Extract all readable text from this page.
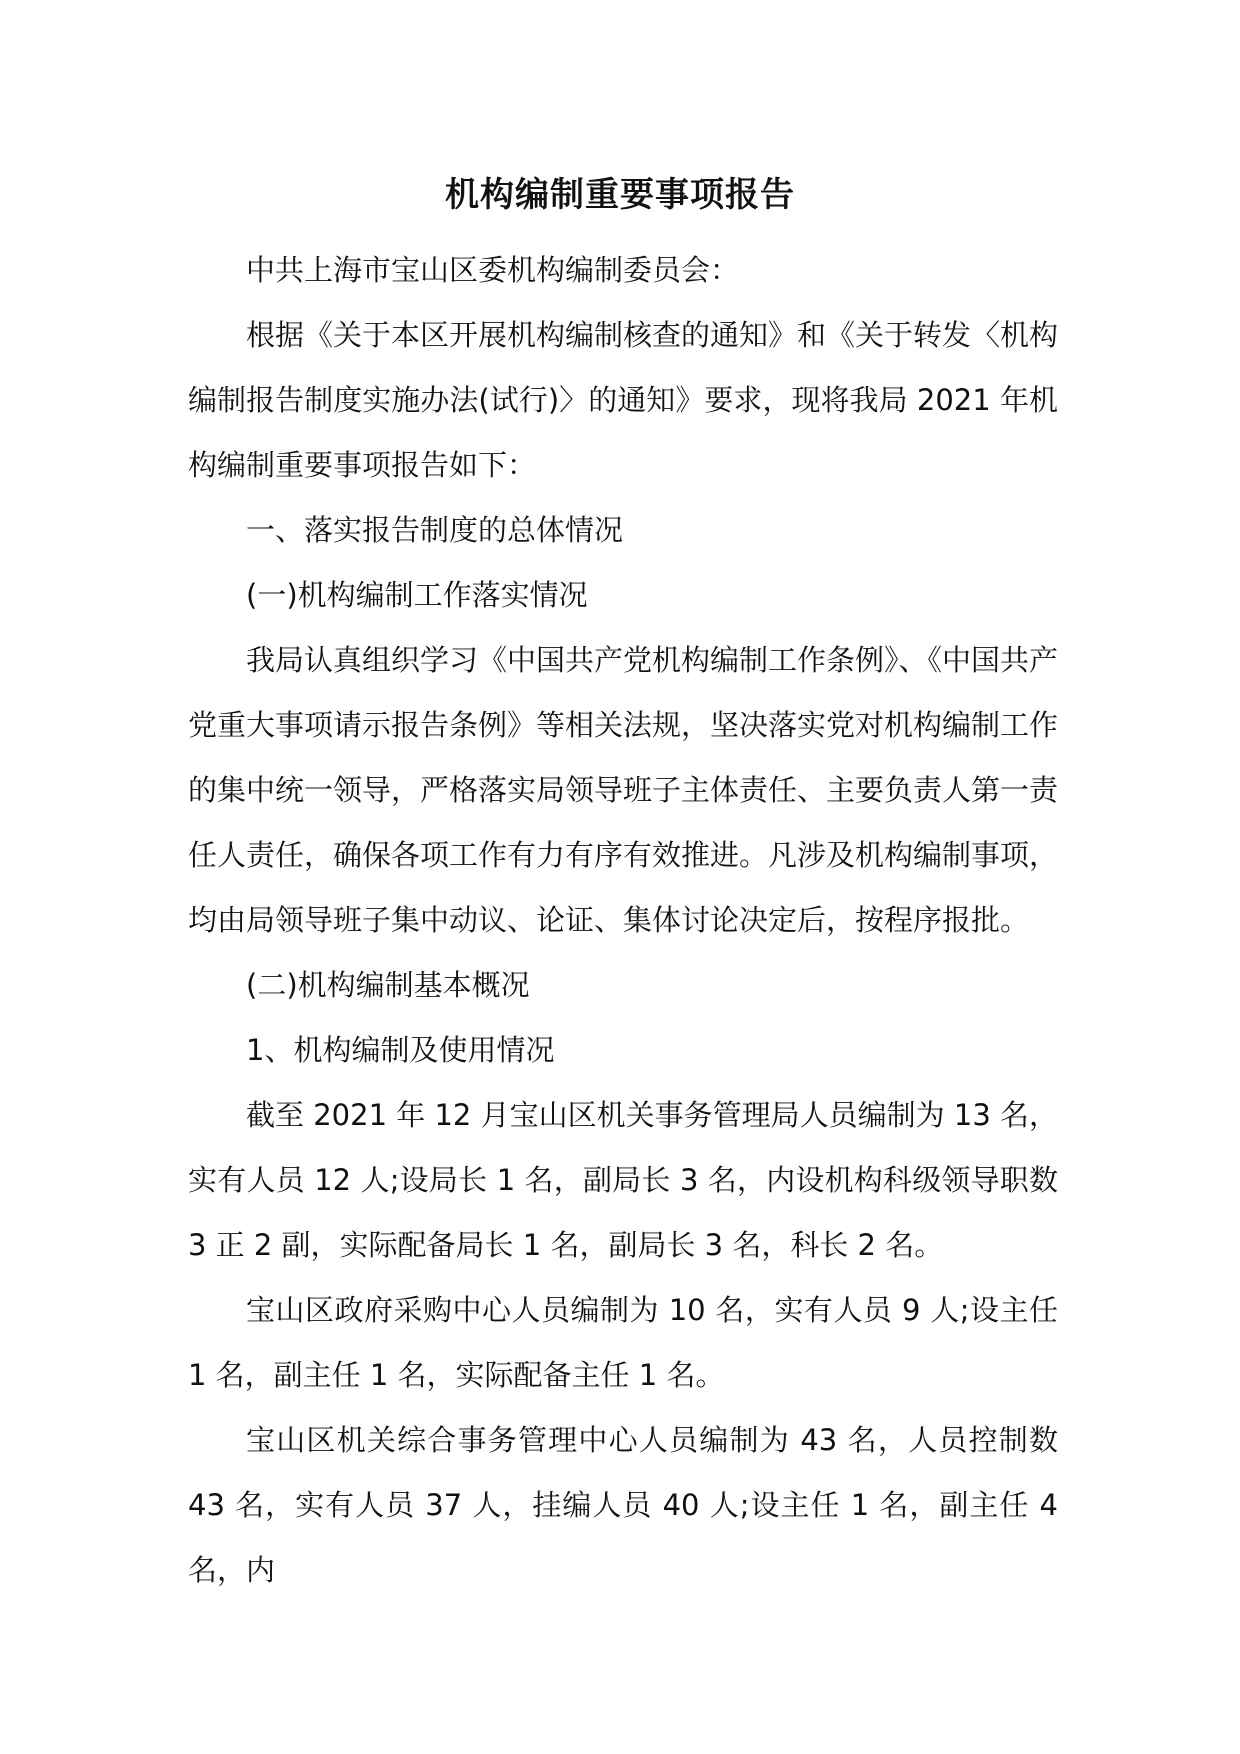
机构编制重要事项报告

中共上海市宝山区委机构编制委员会：

根据《关于本区开展机构编制核查的通知》和《关于转发〈机构编制报告制度实施办法(试行)〉的通知》要求，现将我局 2021 年机构编制重要事项报告如下：

一、落实报告制度的总体情况

(一)机构编制工作落实情况

我局认真组织学习《中国共产党机构编制工作条例》、《中国共产党重大事项请示报告条例》等相关法规，坚决落实党对机构编制工作的集中统一领导，严格落实局领导班子主体责任、主要负责人第一责任人责任，确保各项工作有力有序有效推进。凡涉及机构编制事项，均由局领导班子集中动议、论证、集体讨论决定后，按程序报批。

(二)机构编制基本概况

1、机构编制及使用情况

截至 2021 年 12 月宝山区机关事务管理局人员编制为 13 名，实有人员 12 人;设局长 1 名，副局长 3 名，内设机构科级领导职数 3 正 2 副，实际配备局长 1 名，副局长 3 名，科长 2 名。

宝山区政府采购中心人员编制为 10 名，实有人员 9 人;设主任 1 名，副主任 1 名，实际配备主任 1 名。

宝山区机关综合事务管理中心人员编制为 43 名，人员控制数 43 名，实有人员 37 人，挂编人员 40 人;设主任 1 名，副主任 4 名，内
